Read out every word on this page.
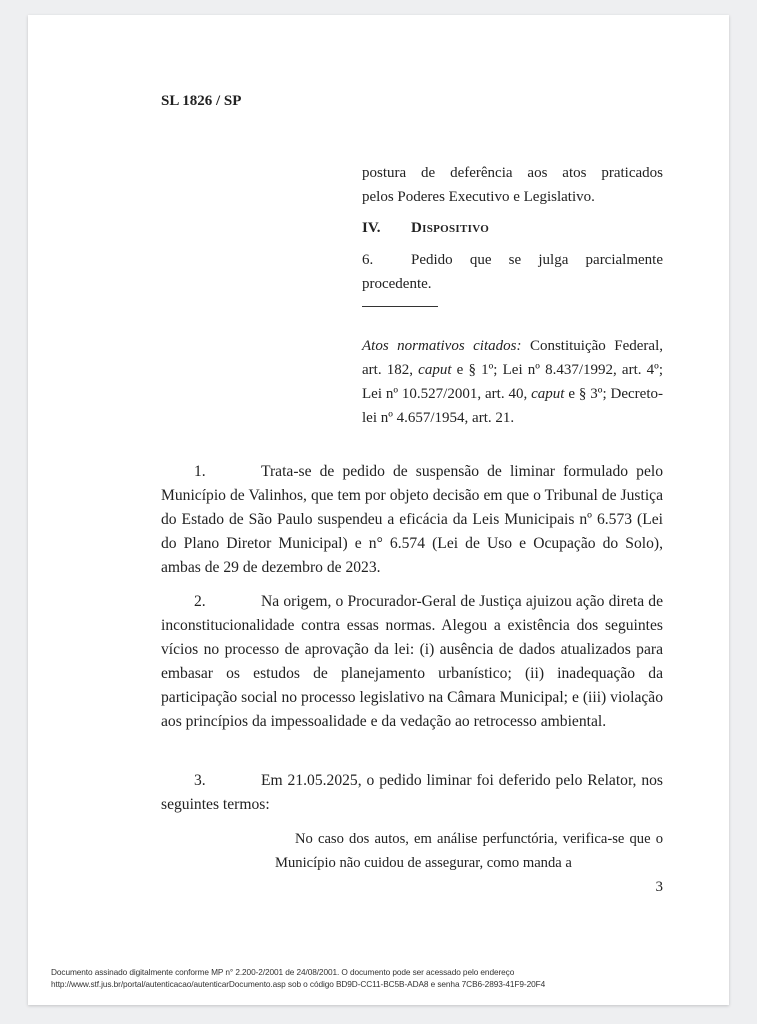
SL 1826 / SP

postura de deferência aos atos praticados

pelos Poderes Executivo e Legislativo.

IV. Dispositivo

6.	Pedido que se julga parcialmente

procedente.

Atos normativos citados: Constituição Federal, art. 182, caput e § 1º; Lei nº 8.437/1992, art. 4º; Lei nº 10.527/2001, art. 40, caput e § 3º; Decreto-lei nº 4.657/1954, art. 21.

1.	Trata-se de pedido de suspensão de liminar formulado pelo Município de Valinhos, que tem por objeto decisão em que o Tribunal de Justiça do Estado de São Paulo suspendeu a eficácia da Leis Municipais nº 6.573 (Lei do Plano Diretor Municipal) e n° 6.574 (Lei de Uso e Ocupação do Solo), ambas de 29 de dezembro de 2023.

2.	Na origem, o Procurador-Geral de Justiça ajuizou ação direta de inconstitucionalidade contra essas normas. Alegou a existência dos seguintes vícios no processo de aprovação da lei: (i) ausência de dados atualizados para embasar os estudos de planejamento urbanístico; (ii) inadequação da participação social no processo legislativo na Câmara Municipal; e (iii) violação aos princípios da impessoalidade e da vedação ao retrocesso ambiental.

3.	Em 21.05.2025, o pedido liminar foi deferido pelo Relator, nos seguintes termos:

No caso dos autos, em análise perfunctória, verifica-se que o Município não cuidou de assegurar, como manda a

3
Documento assinado digitalmente conforme MP n° 2.200-2/2001 de 24/08/2001. O documento pode ser acessado pelo endereço
http://www.stf.jus.br/portal/autenticacao/autenticarDocumento.asp sob o código BD9D-CC11-BC5B-ADA8 e senha 7CB6-2893-41F9-20F4
